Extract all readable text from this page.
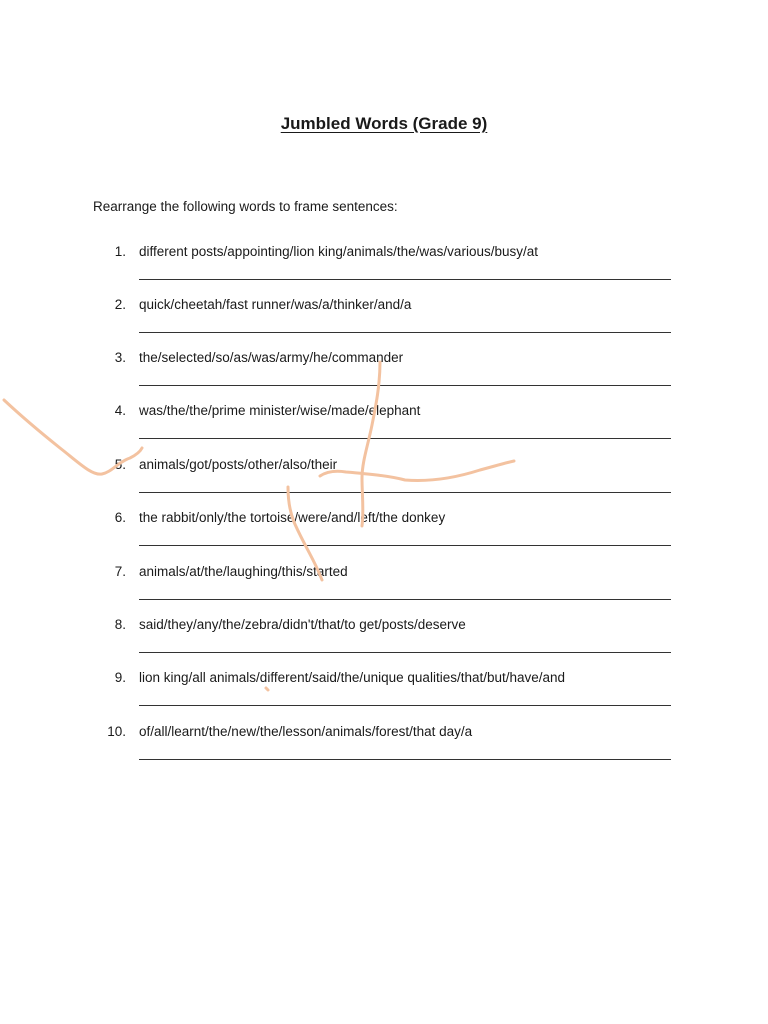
Jumbled Words (Grade 9)
Rearrange the following words to frame sentences:
1. different posts/appointing/lion king/animals/the/was/various/busy/at
2. quick/cheetah/fast runner/was/a/thinker/and/a
3. the/selected/so/as/was/army/he/commander
4. was/the/the/prime minister/wise/made/elephant
5. animals/got/posts/other/also/their
6. the rabbit/only/the tortoise/were/and/left/the donkey
7. animals/at/the/laughing/this/started
8. said/they/any/the/zebra/didn't/that/to get/posts/deserve
9. lion king/all animals/different/said/the/unique qualities/that/but/have/and
10. of/all/learnt/the/new/the/lesson/animals/forest/that day/a
